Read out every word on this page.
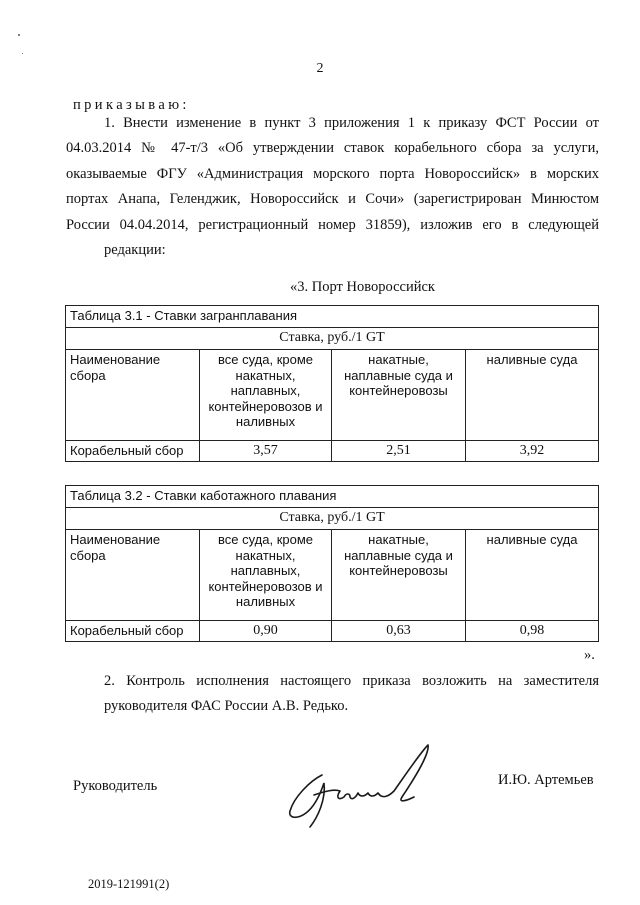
2
приказываю:
1. Внести изменение в пункт 3 приложения 1 к приказу ФСТ России от 04.03.2014 № 47-т/3 «Об утверждении ставок корабельного сбора за услуги, оказываемые ФГУ «Администрация морского порта Новороссийск» в морских портах Анапа, Геленджик, Новороссийск и Сочи» (зарегистрирован Минюстом России 04.04.2014, регистрационный номер 31859), изложив его в следующей
редакции:
«3. Порт Новороссийск
Таблица 3.1 - Ставки загранплавания			
Ставка, руб./1 GT			
Наименование сбора	все суда, кроме накатных, наплавных, контейнеровозов и наливных	накатные, наплавные суда и контейнеровозы	наливные суда
Корабельный сбор	3,57	2,51	3,92
Таблица 3.2 - Ставки каботажного плавания			
Ставка, руб./1 GT			
Наименование сбора	все суда, кроме накатных, наплавных, контейнеровозов и наливных	накатные, наплавные суда и контейнеровозы	наливные суда
Корабельный сбор	0,90	0,63	0,98
».
2. Контроль исполнения настоящего приказа возложить на заместителя
руководителя ФАС России А.В. Редько.
Руководитель	И.Ю. Артемьев
2019-121991(2)
